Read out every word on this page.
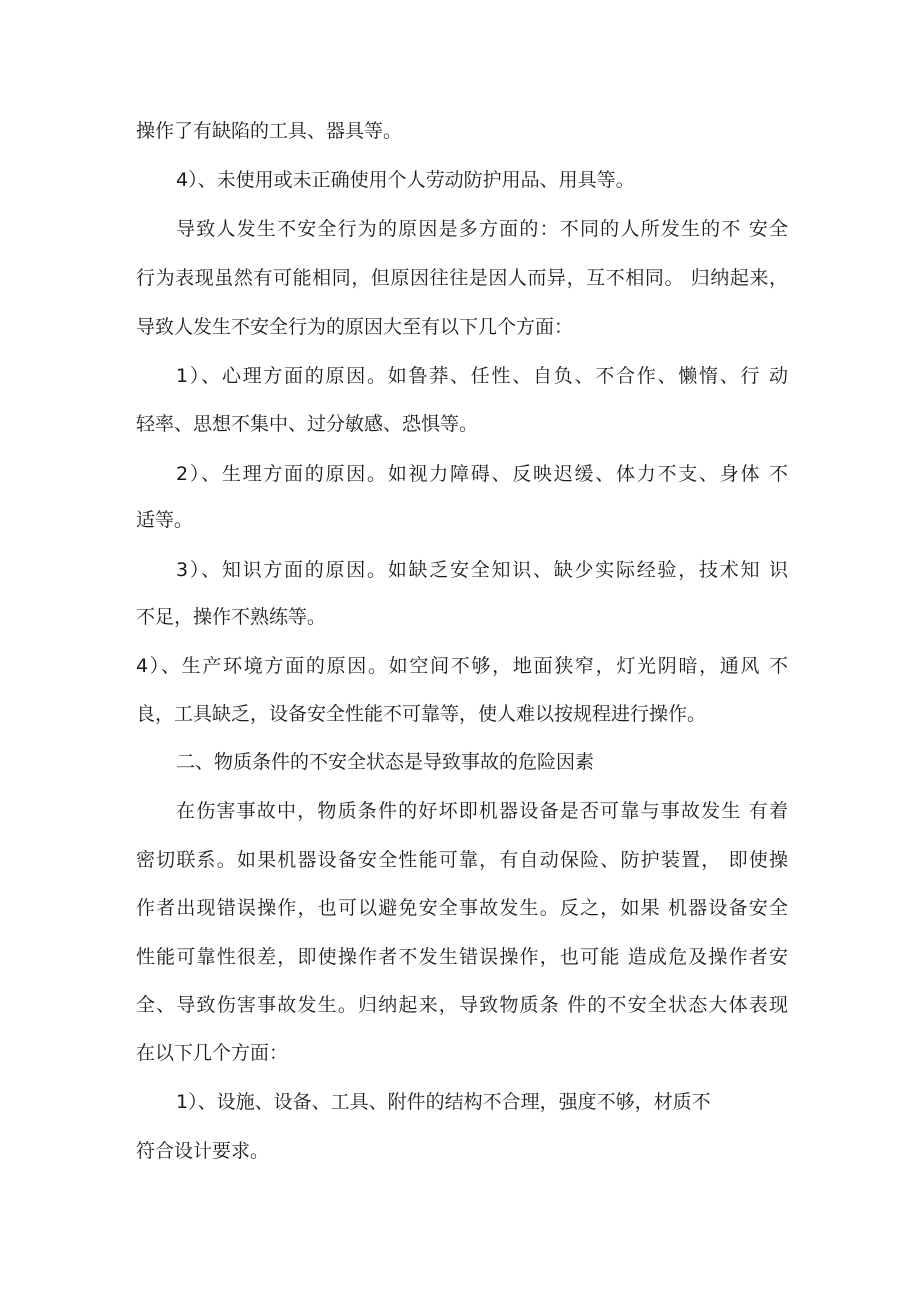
操作了有缺陷的工具、器具等。
4）、未使用或未正确使用个人劳动防护用品、用具等。
导致人发生不安全行为的原因是多方面的：不同的人所发生的不 安全
行为表现虽然有可能相同，但原因往往是因人而异，互不相同。 归纳起来，
导致人发生不安全行为的原因大至有以下几个方面：
1）、心理方面的原因。如鲁莽、任性、自负、不合作、懒惰、行 动
轻率、思想不集中、过分敏感、恐惧等。
2）、生理方面的原因。如视力障碍、反映迟缓、体力不支、身体 不
适等。
3）、知识方面的原因。如缺乏安全知识、缺少实际经验，技术知 识
不足，操作不熟练等。
4）、生产环境方面的原因。如空间不够，地面狭窄，灯光阴暗，通风 不
良，工具缺乏，设备安全性能不可靠等，使人难以按规程进行操作。
二、物质条件的不安全状态是导致事故的危险因素
在伤害事故中，物质条件的好坏即机器设备是否可靠与事故发生 有着
密切联系。如果机器设备安全性能可靠，有自动保险、防护装置， 即使操
作者出现错误操作，也可以避免安全事故发生。反之，如果 机器设备安全
性能可靠性很差，即使操作者不发生错误操作，也可能 造成危及操作者安
全、导致伤害事故发生。归纳起来，导致物质条 件的不安全状态大体表现
在以下几个方面：
1）、设施、设备、工具、附件的结构不合理，强度不够，材质不
符合设计要求。
